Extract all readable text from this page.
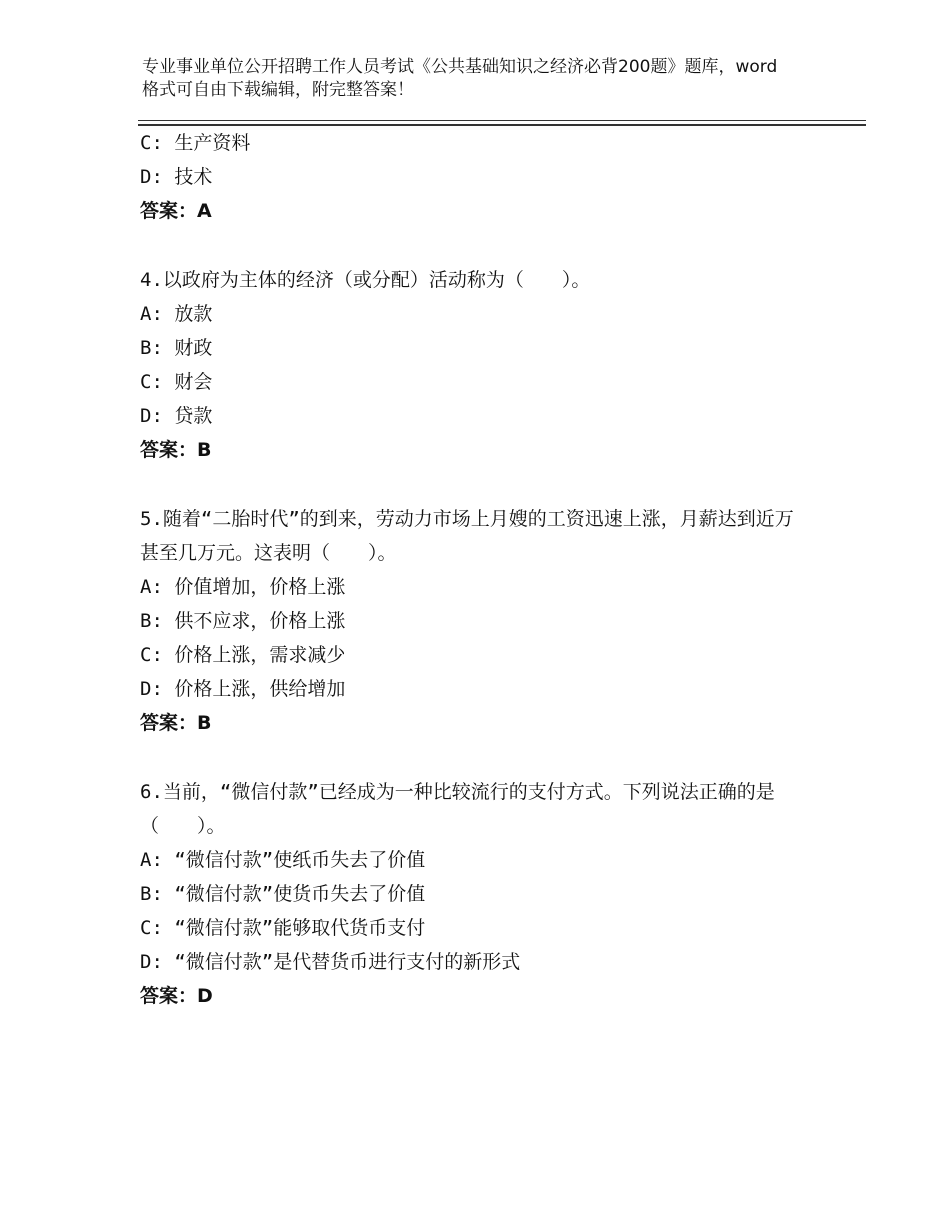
专业事业单位公开招聘工作人员考试《公共基础知识之经济必背200题》题库，word格式可自由下载编辑，附完整答案！
C: 生产资料
D: 技术
答案：A
4.以政府为主体的经济（或分配）活动称为（　　）。
A: 放款
B: 财政
C: 财会
D: 贷款
答案：B
5.随着“二胎时代”的到来，劳动力市场上月嫂的工资迅速上涨，月薪达到近万甚至几万元。这表明（　　）。
A: 价值增加，价格上涨
B: 供不应求，价格上涨
C: 价格上涨，需求减少
D: 价格上涨，供给增加
答案：B
6.当前，“微信付款”已经成为一种比较流行的支付方式。下列说法正确的是（　　）。
A: “微信付款”使纸币失去了价值
B: “微信付款”使货币失去了价值
C: “微信付款”能够取代货币支付
D: “微信付款”是代替货币进行支付的新形式
答案：D
